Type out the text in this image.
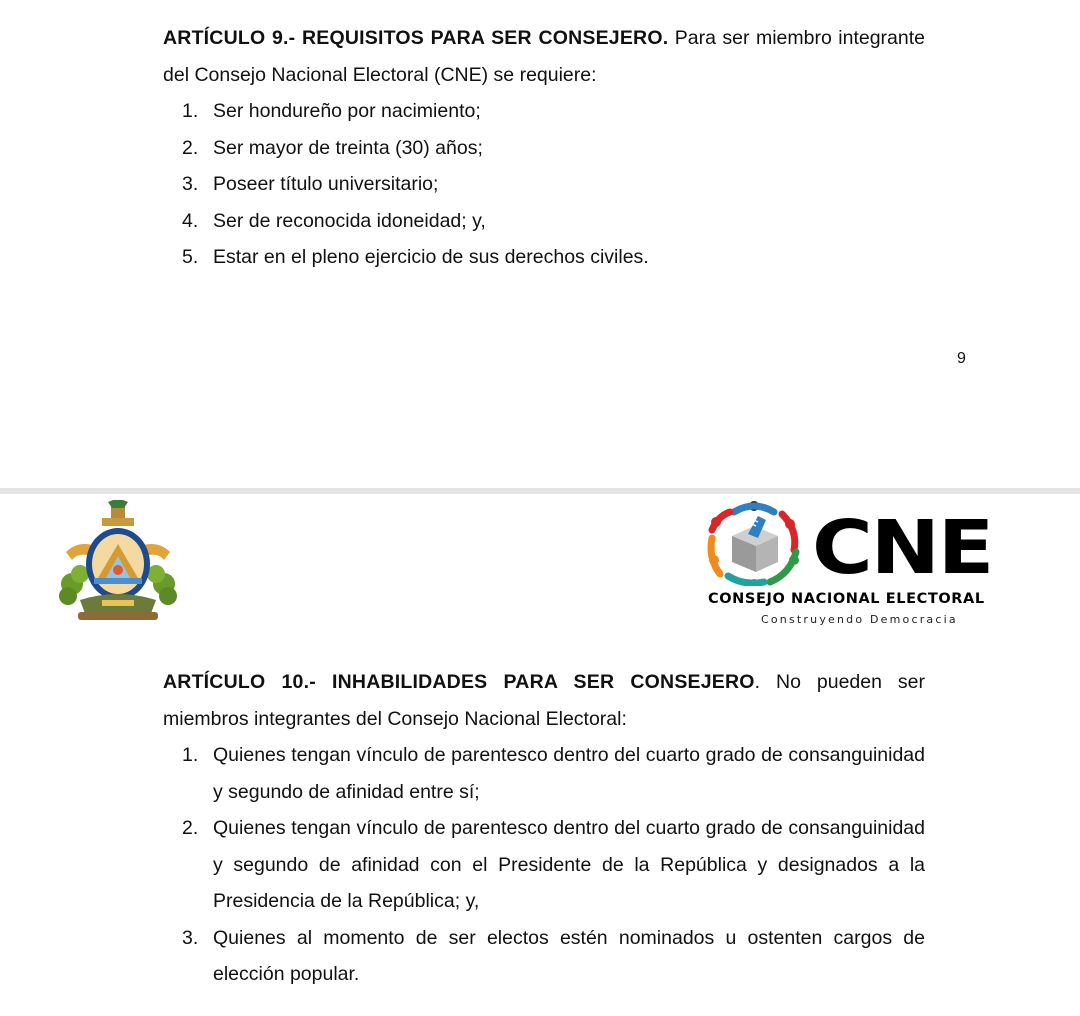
ARTÍCULO 9.- REQUISITOS PARA SER CONSEJERO. Para ser miembro integrante del Consejo Nacional Electoral (CNE) se requiere:

1. Ser hondureño por nacimiento;
2. Ser mayor de treinta (30) años;
3. Poseer título universitario;
4. Ser de reconocida idoneidad; y,
5. Estar en el pleno ejercicio de sus derechos civiles.
9
CNE
CONSEJO NACIONAL ELECTORAL
Construyendo Democracia

ARTÍCULO 10.- INHABILIDADES PARA SER CONSEJERO. No pueden ser miembros integrantes del Consejo Nacional Electoral:

1. Quienes tengan vínculo de parentesco dentro del cuarto grado de consanguinidad y segundo de afinidad entre sí;
2. Quienes tengan vínculo de parentesco dentro del cuarto grado de consanguinidad y segundo de afinidad con el Presidente de la República y designados a la Presidencia de la República; y,
3. Quienes al momento de ser electos estén nominados u ostenten cargos de elección popular.
